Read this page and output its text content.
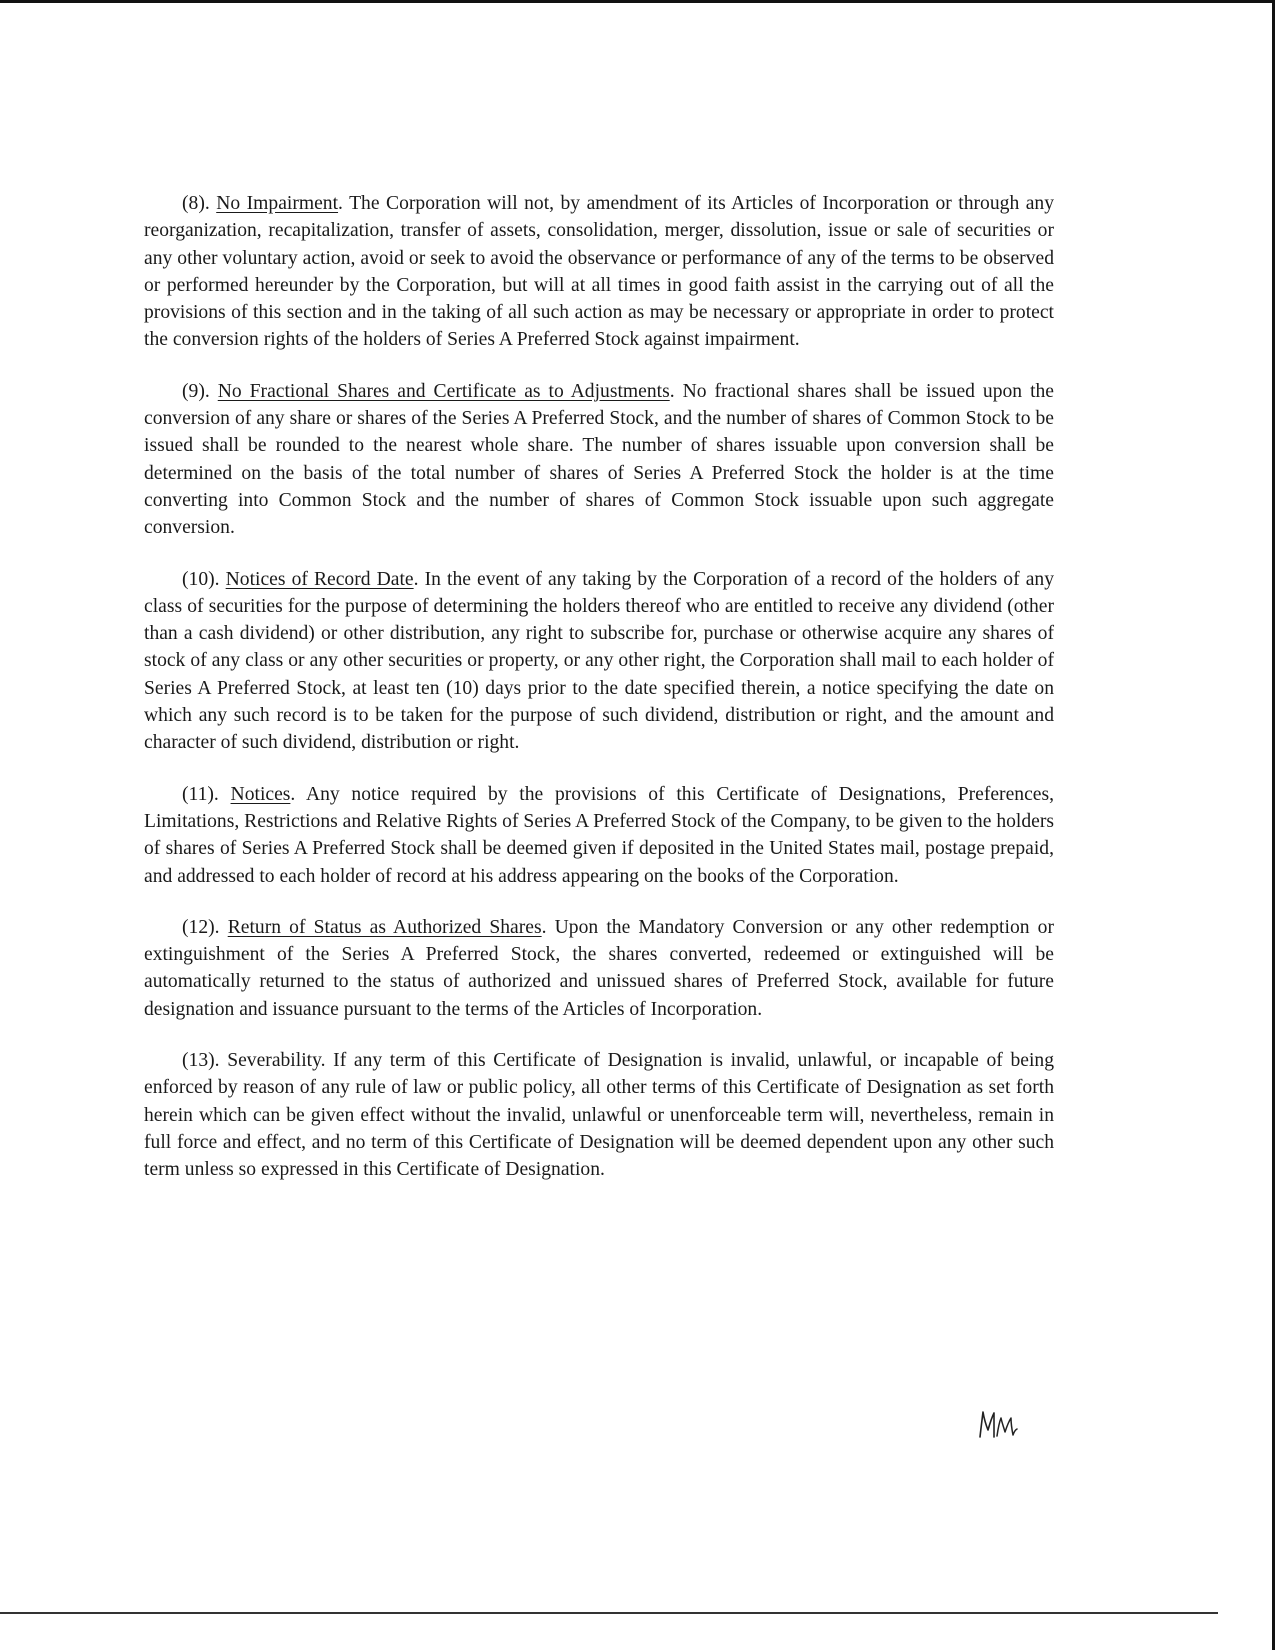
(8). No Impairment. The Corporation will not, by amendment of its Articles of Incorporation or through any reorganization, recapitalization, transfer of assets, consolidation, merger, dissolution, issue or sale of securities or any other voluntary action, avoid or seek to avoid the observance or performance of any of the terms to be observed or performed hereunder by the Corporation, but will at all times in good faith assist in the carrying out of all the provisions of this section and in the taking of all such action as may be necessary or appropriate in order to protect the conversion rights of the holders of Series A Preferred Stock against impairment.

(9). No Fractional Shares and Certificate as to Adjustments. No fractional shares shall be issued upon the conversion of any share or shares of the Series A Preferred Stock, and the number of shares of Common Stock to be issued shall be rounded to the nearest whole share. The number of shares issuable upon conversion shall be determined on the basis of the total number of shares of Series A Preferred Stock the holder is at the time converting into Common Stock and the number of shares of Common Stock issuable upon such aggregate conversion.

(10). Notices of Record Date. In the event of any taking by the Corporation of a record of the holders of any class of securities for the purpose of determining the holders thereof who are entitled to receive any dividend (other than a cash dividend) or other distribution, any right to subscribe for, purchase or otherwise acquire any shares of stock of any class or any other securities or property, or any other right, the Corporation shall mail to each holder of Series A Preferred Stock, at least ten (10) days prior to the date specified therein, a notice specifying the date on which any such record is to be taken for the purpose of such dividend, distribution or right, and the amount and character of such dividend, distribution or right.

(11). Notices. Any notice required by the provisions of this Certificate of Designations, Preferences, Limitations, Restrictions and Relative Rights of Series A Preferred Stock of the Company, to be given to the holders of shares of Series A Preferred Stock shall be deemed given if deposited in the United States mail, postage prepaid, and addressed to each holder of record at his address appearing on the books of the Corporation.

(12). Return of Status as Authorized Shares. Upon the Mandatory Conversion or any other redemption or extinguishment of the Series A Preferred Stock, the shares converted, redeemed or extinguished will be automatically returned to the status of authorized and unissued shares of Preferred Stock, available for future designation and issuance pursuant to the terms of the Articles of Incorporation.

(13). Severability. If any term of this Certificate of Designation is invalid, unlawful, or incapable of being enforced by reason of any rule of law or public policy, all other terms of this Certificate of Designation as set forth herein which can be given effect without the invalid, unlawful or unenforceable term will, nevertheless, remain in full force and effect, and no term of this Certificate of Designation will be deemed dependent upon any other such term unless so expressed in this Certificate of Designation.
